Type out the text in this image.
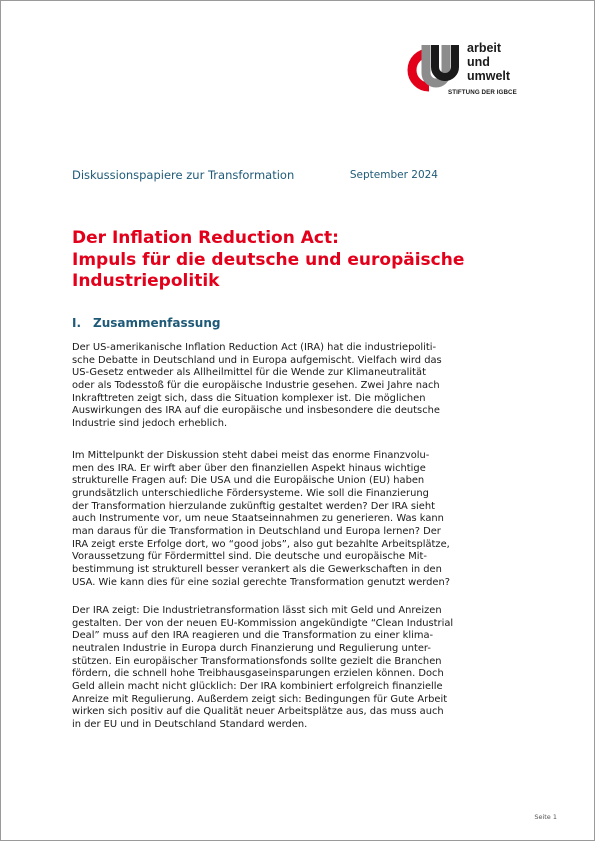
arbeit
und
umwelt
STIFTUNG DER IGBCE
Diskussionspapiere zur Transformation	September 2024
Der Inflation Reduction Act:
Impuls für die deutsche und europäische
Industriepolitik
I. Zusammenfassung
Der US-amerikanische Inflation Reduction Act (IRA) hat die industriepoliti-
sche Debatte in Deutschland und in Europa aufgemischt. Vielfach wird das
US-Gesetz entweder als Allheilmittel für die Wende zur Klimaneutralität
oder als Todesstoß für die europäische Industrie gesehen. Zwei Jahre nach
Inkrafttreten zeigt sich, dass die Situation komplexer ist. Die möglichen
Auswirkungen des IRA auf die europäische und insbesondere die deutsche
Industrie sind jedoch erheblich.
Im Mittelpunkt der Diskussion steht dabei meist das enorme Finanzvolu-
men des IRA. Er wirft aber über den finanziellen Aspekt hinaus wichtige
strukturelle Fragen auf: Die USA und die Europäische Union (EU) haben
grundsätzlich unterschiedliche Fördersysteme. Wie soll die Finanzierung
der Transformation hierzulande zukünftig gestaltet werden? Der IRA sieht
auch Instrumente vor, um neue Staatseinnahmen zu generieren. Was kann
man daraus für die Transformation in Deutschland und Europa lernen? Der
IRA zeigt erste Erfolge dort, wo “good jobs”, also gut bezahlte Arbeitsplätze,
Voraussetzung für Fördermittel sind. Die deutsche und europäische Mit-
bestimmung ist strukturell besser verankert als die Gewerkschaften in den
USA. Wie kann dies für eine sozial gerechte Transformation genutzt werden?
Der IRA zeigt: Die Industrietransformation lässt sich mit Geld und Anreizen
gestalten. Der von der neuen EU-Kommission angekündigte “Clean Industrial
Deal” muss auf den IRA reagieren und die Transformation zu einer klima-
neutralen Industrie in Europa durch Finanzierung und Regulierung unter-
stützen. Ein europäischer Transformationsfonds sollte gezielt die Branchen
fördern, die schnell hohe Treibhausgaseinsparungen erzielen können. Doch
Geld allein macht nicht glücklich: Der IRA kombiniert erfolgreich finanzielle
Anreize mit Regulierung. Außerdem zeigt sich: Bedingungen für Gute Arbeit
wirken sich positiv auf die Qualität neuer Arbeitsplätze aus, das muss auch
in der EU und in Deutschland Standard werden.
Seite 1
